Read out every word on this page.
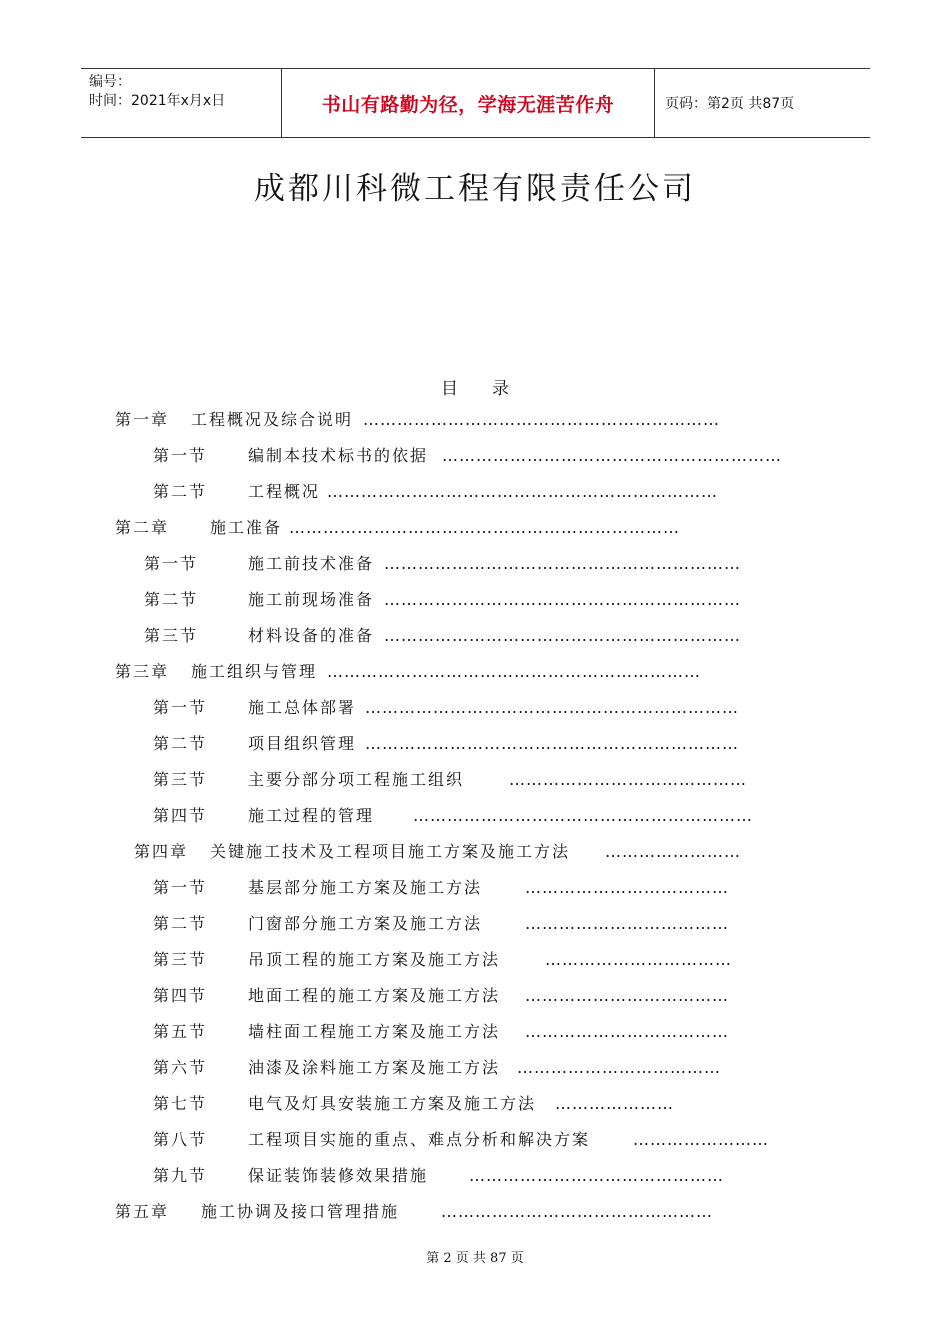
编号：
时间：2021年x月x日	书山有路勤为径，学海无涯苦作舟	页码：第2页 共87页
成都川科微工程有限责任公司
目 录
第一章 工程概况及综合说明 ………………………………………………………
第一节	编制本技术标书的依据 ……………………………………………………
第二节	工程概况 ……………………………………………………………
第二章	施工准备 ……………………………………………………………
第一节	施工前技术准备 ………………………………………………………
第二节	施工前现场准备 ………………………………………………………
第三节	材料设备的准备 ………………………………………………………
第三章 施工组织与管理 …………………………………………………………
第一节	施工总体部署 …………………………………………………………
第二节	项目组织管理 …………………………………………………………
第三节	主要分部分项工程施工组织	……………………………………
第四节	施工过程的管理 ……………………………………………………
第四章 关键施工技术及工程项目施工方案及施工方法 ……………………
第一节	基层部分施工方案及施工方法	………………………………
第二节	门窗部分施工方案及施工方法	………………………………
第三节	吊顶工程的施工方案及施工方法	……………………………
第四节	地面工程的施工方案及施工方法 ………………………………
第五节	墙柱面工程施工方案及施工方法 ………………………………
第六节	油漆及涂料施工方案及施工方法 ………………………………
第七节	电气及灯具安装施工方案及施工方法 …………………
第八节	工程项目实施的重点、难点分析和解决方案	……………………
第九节	保证装饰装修效果措施	………………………………………
第五章 施工协调及接口管理措施	…………………………………………
第 2 页 共 87 页
